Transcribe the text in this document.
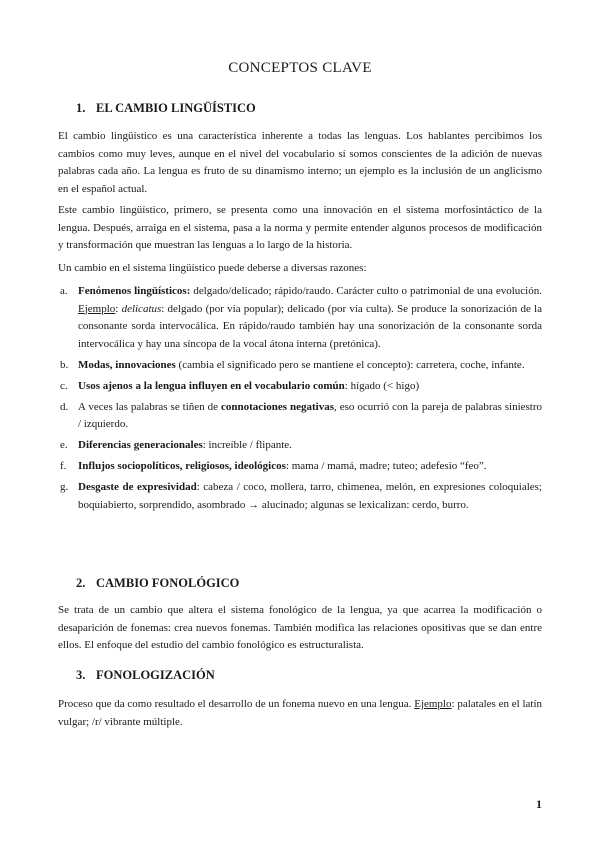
CONCEPTOS CLAVE
1. EL CAMBIO LINGÜÍSTICO

El cambio lingüístico es una característica inherente a todas las lenguas. Los hablantes percibimos los cambios como muy leves, aunque en el nivel del vocabulario sí somos conscientes de la adición de nuevas palabras cada año. La lengua es fruto de su dinamismo interno; un ejemplo es la inclusión de un anglicismo en el español actual.

Este cambio lingüístico, primero, se presenta como una innovación en el sistema morfosintáctico de la lengua. Después, arraiga en el sistema, pasa a la norma y permite entender algunos procesos de modificación y transformación que muestran las lenguas a lo largo de la historia.

Un cambio en el sistema lingüístico puede deberse a diversas razones:

a. Fenómenos lingüísticos: delgado/delicado; rápido/raudo. Carácter culto o patrimonial de una evolución. Ejemplo: delicatus: delgado (por vía popular); delicado (por vía culta). Se produce la sonorización de la consonante sorda intervocálica. En rápido/raudo también hay una sonorización de la consonante sorda intervocálica y hay una síncopa de la vocal átona interna (pretónica).
b. Modas, innovaciones (cambia el significado pero se mantiene el concepto): carretera, coche, infante.
c. Usos ajenos a la lengua influyen en el vocabulario común: hígado (< higo)
d. A veces las palabras se tiñen de connotaciones negativas, eso ocurrió con la pareja de palabras siniestro / izquierdo.
e. Diferencias generacionales: increíble / flipante.
f. Influjos sociopolíticos, religiosos, ideológicos: mama / mamá, madre; tuteo; adefesio “feo”.
g. Desgaste de expresividad: cabeza / coco, mollera, tarro, chimenea, melón, en expresiones coloquiales; boquiabierto, sorprendido, asombrado → alucinado; algunas se lexicalizan: cerdo, burro.
2. CAMBIO FONOLÓGICO

Se trata de un cambio que altera el sistema fonológico de la lengua, ya que acarrea la modificación o desaparición de fonemas: crea nuevos fonemas. También modifica las relaciones opositivas que se dan entre ellos. El enfoque del estudio del cambio fonológico es estructuralista.

3. FONOLOGIZACIÓN

Proceso que da como resultado el desarrollo de un fonema nuevo en una lengua. Ejemplo: palatales en el latín vulgar; /r/ vibrante múltiple.

1
